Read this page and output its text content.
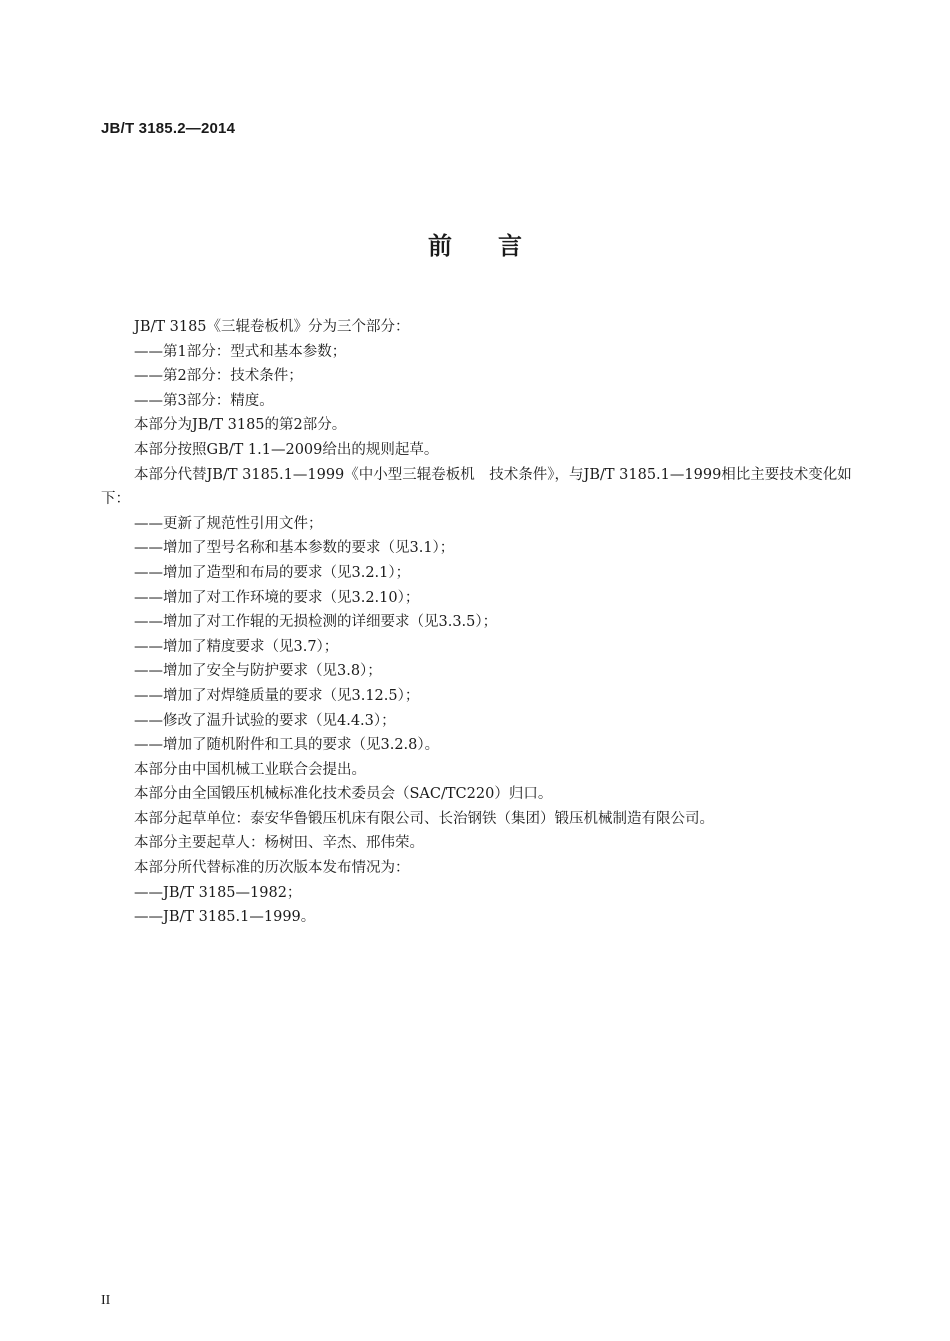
JB/T 3185.2—2014
前言

JB/T 3185《三辊卷板机》分为三个部分：

——第1部分：型式和基本参数；

——第2部分：技术条件；

——第3部分：精度。

本部分为JB/T 3185的第2部分。

本部分按照GB/T 1.1—2009给出的规则起草。

本部分代替JB/T 3185.1—1999《中小型三辊卷板机　技术条件》，与JB/T 3185.1—1999相比主要技术变化如下：

——更新了规范性引用文件；

——增加了型号名称和基本参数的要求（见3.1）；

——增加了造型和布局的要求（见3.2.1）；

——增加了对工作环境的要求（见3.2.10）；

——增加了对工作辊的无损检测的详细要求（见3.3.5）；

——增加了精度要求（见3.7）；

——增加了安全与防护要求（见3.8）；

——增加了对焊缝质量的要求（见3.12.5）；

——修改了温升试验的要求（见4.4.3）；

——增加了随机附件和工具的要求（见3.2.8）。

本部分由中国机械工业联合会提出。

本部分由全国锻压机械标准化技术委员会（SAC/TC220）归口。

本部分起草单位：泰安华鲁锻压机床有限公司、长治钢铁（集团）锻压机械制造有限公司。

本部分主要起草人：杨树田、辛杰、邢伟荣。

本部分所代替标准的历次版本发布情况为：

——JB/T 3185—1982；

——JB/T 3185.1—1999。

II
